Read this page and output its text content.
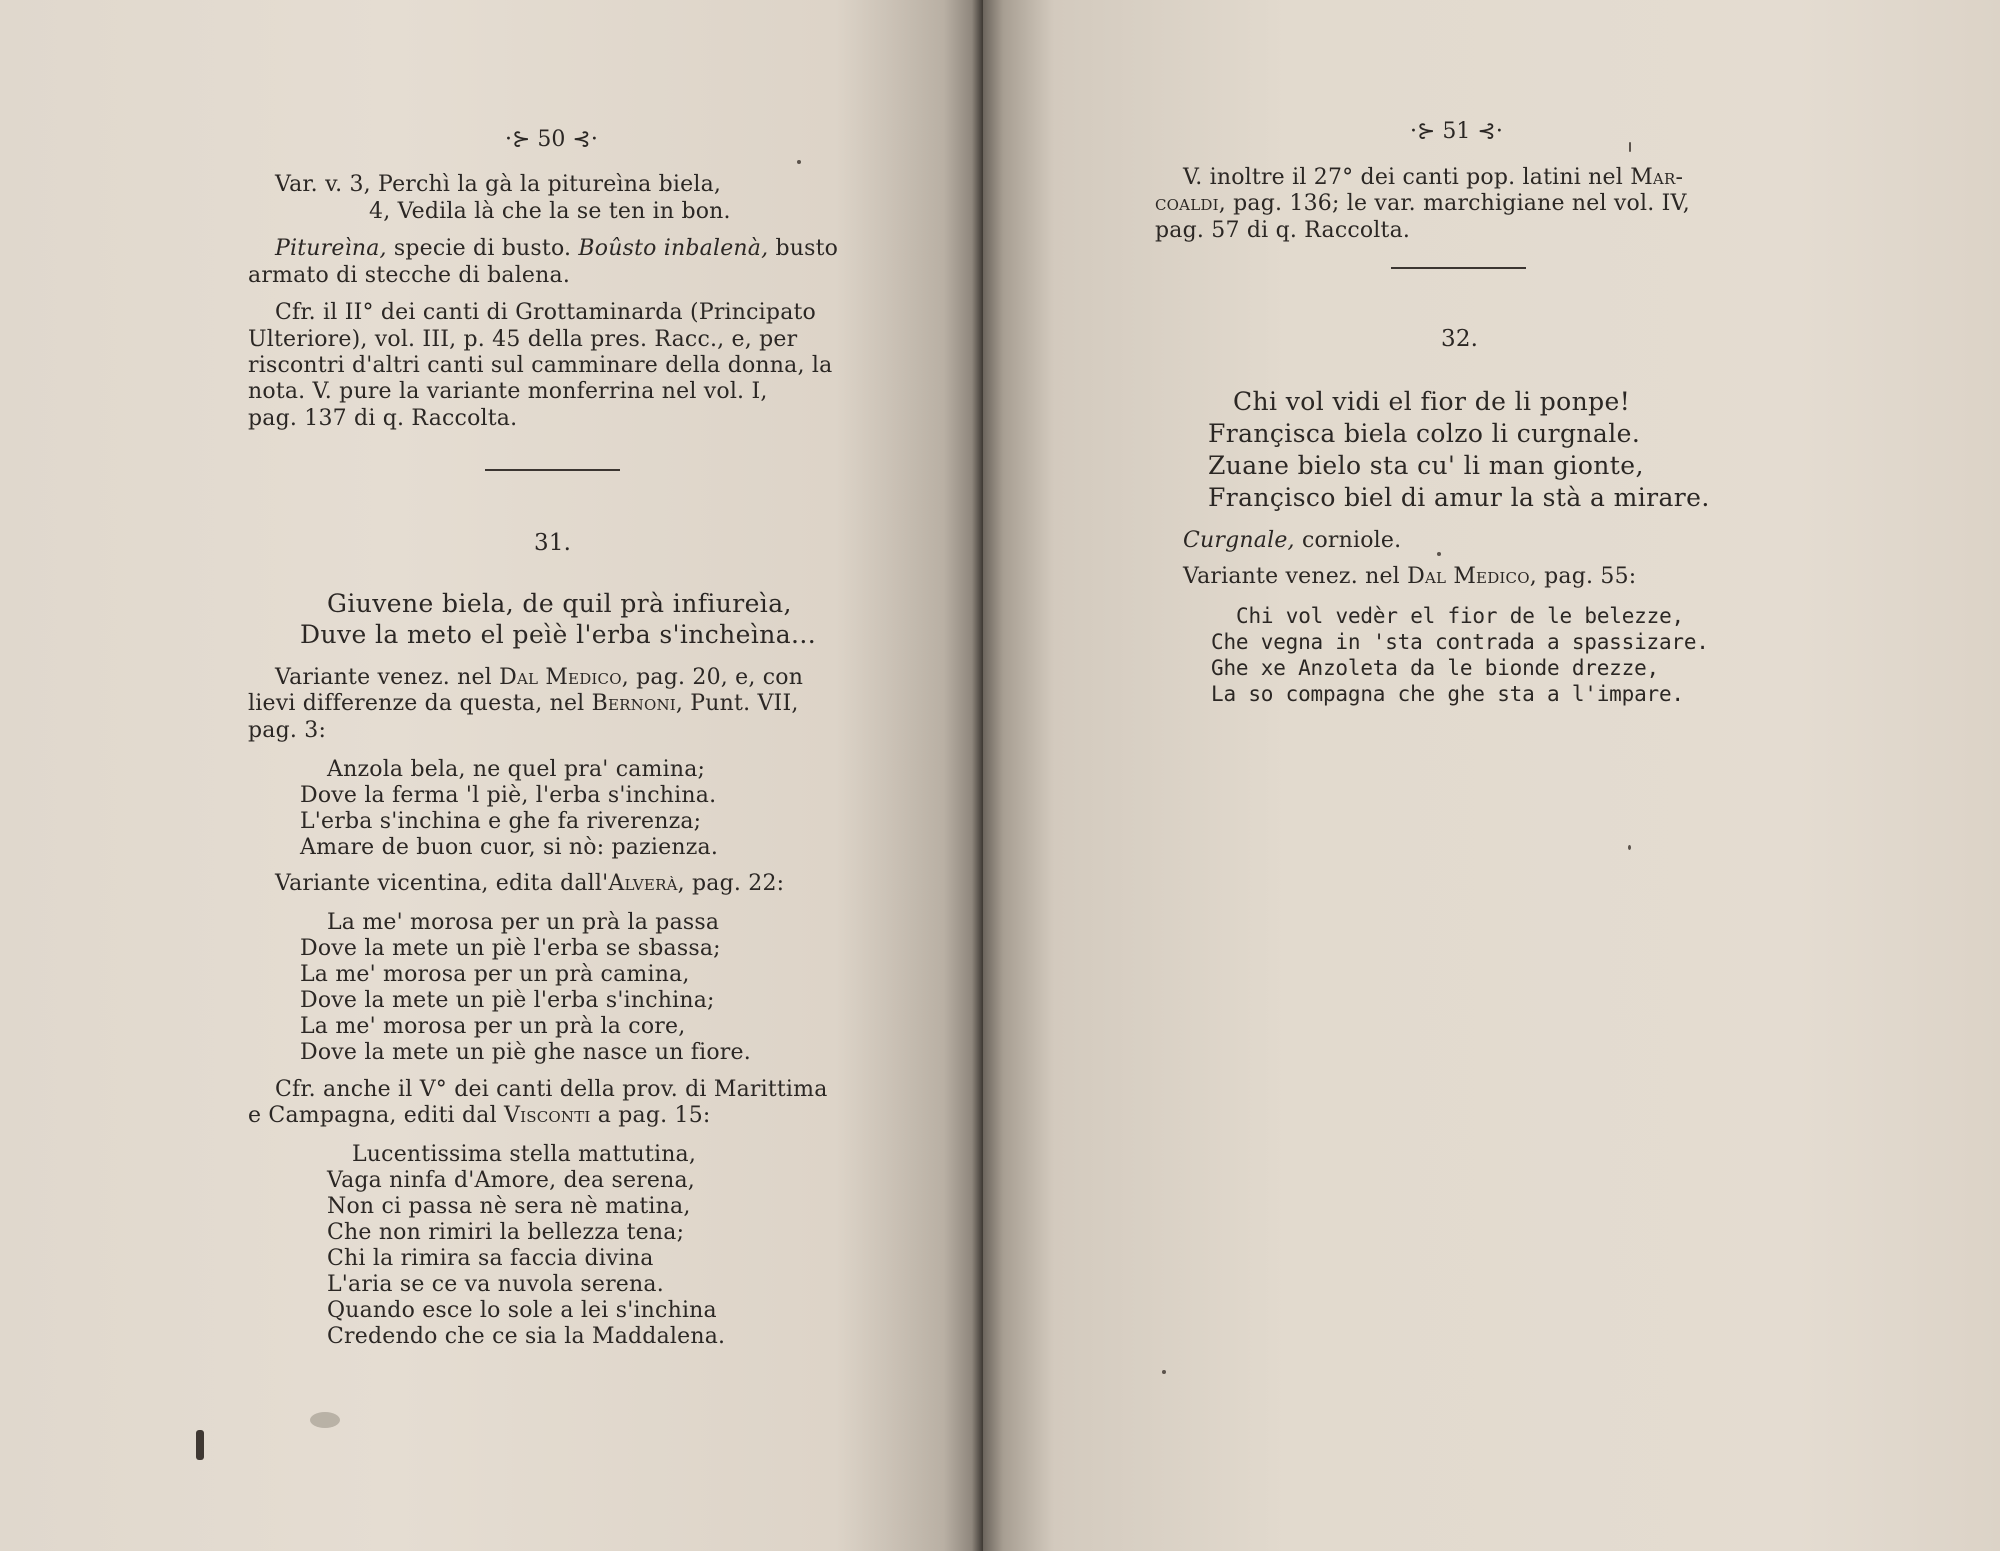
·⊱ 50 ⊰·
Var. v. 3, Perchì la gà la pitureìna biela,
4, Vedila là che la se ten in bon.
Pitureìna, specie di busto. Boûsto inbalenà, busto
armato di stecche di balena.
Cfr. il II° dei canti di Grottaminarda (Principato
Ulteriore), vol. III, p. 45 della pres. Racc., e, per
riscontri d'altri canti sul camminare della donna, la
nota. V. pure la variante monferrina nel vol. I,
pag. 137 di q. Raccolta.
31.
Giuvene biela, de quil prà infiureìa,
Duve la meto el peìè l'erba s'incheìna...
Variante venez. nel Dal Medico, pag. 20, e, con
lievi differenze da questa, nel Bernoni, Punt. VII,
pag. 3:
Anzola bela, ne quel pra' camina;
Dove la ferma 'l piè, l'erba s'inchina.
L'erba s'inchina e ghe fa riverenza;
Amare de buon cuor, si nò: pazienza.
Variante vicentina, edita dall'Alverà, pag. 22:
La me' morosa per un prà la passa
Dove la mete un piè l'erba se sbassa;
La me' morosa per un prà camina,
Dove la mete un piè l'erba s'inchina;
La me' morosa per un prà la core,
Dove la mete un piè ghe nasce un fiore.
Cfr. anche il V° dei canti della prov. di Marittima
e Campagna, editi dal Visconti a pag. 15:
Lucentissima stella mattutina,
Vaga ninfa d'Amore, dea serena,
Non ci passa nè sera nè matina,
Che non rimiri la bellezza tena;
Chi la rimira sa faccia divina
L'aria se ce va nuvola serena.
Quando esce lo sole a lei s'inchina
Credendo che ce sia la Maddalena.
·⊱ 51 ⊰·
V. inoltre il 27° dei canti pop. latini nel Mar-
coaldi, pag. 136; le var. marchigiane nel vol. IV,
pag. 57 di q. Raccolta.
32.
Chi vol vidi el fior de li ponpe!
Françisca biela colzo li curgnale.
Zuane bielo sta cu' li man gionte,
Françisco biel di amur la stà a mirare.
Curgnale, corniole.
Variante venez. nel Dal Medico, pag. 55:
Chi vol vedèr el fior de le belezze,
Che vegna in 'sta contrada a spassizare.
Ghe xe Anzoleta da le bionde drezze,
La so compagna che ghe sta a l'impare.
